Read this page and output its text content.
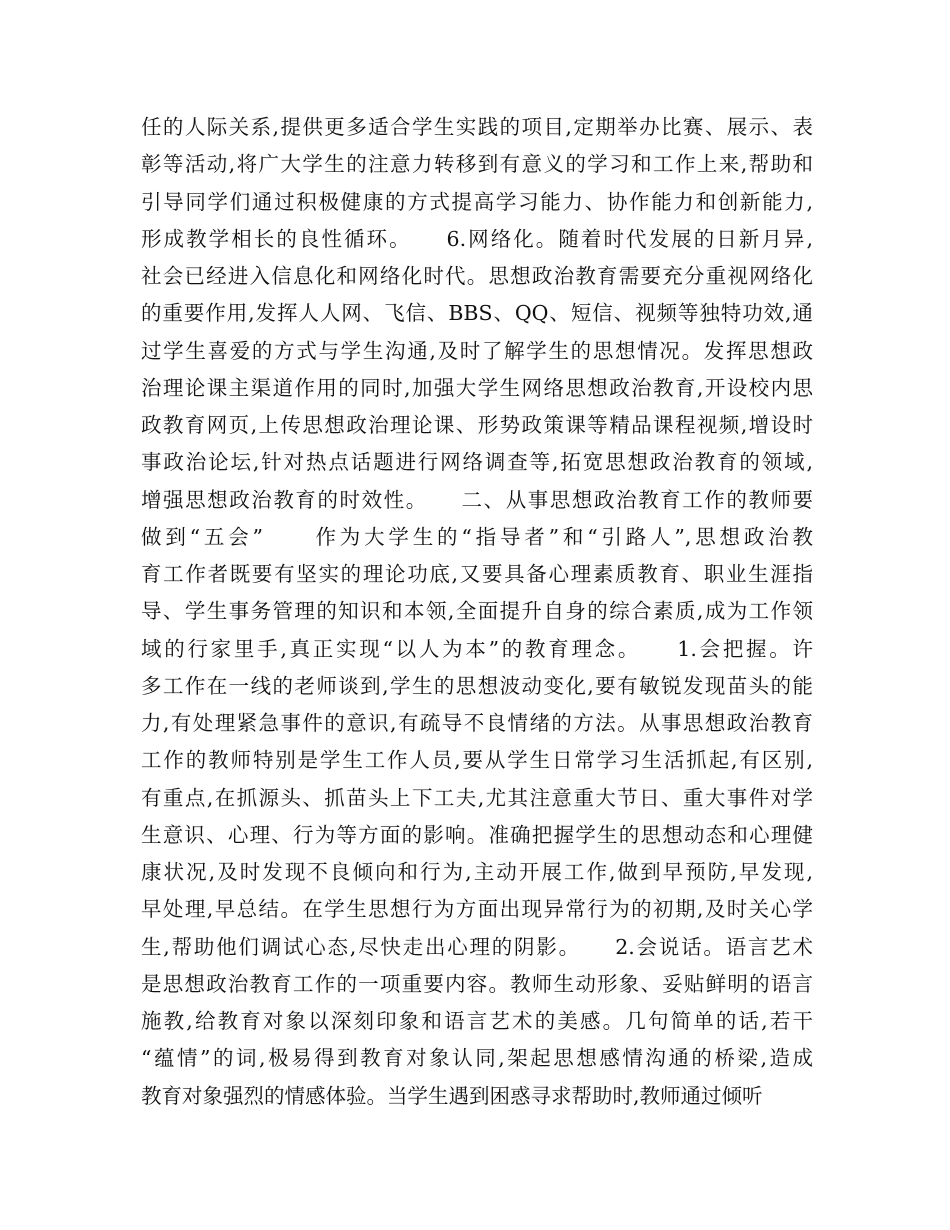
任的人际关系,提供更多适合学生实践的项目,定期举办比赛、展示、表
彰等活动,将广大学生的注意力转移到有意义的学习和工作上来,帮助和
引导同学们通过积极健康的方式提高学习能力、协作能力和创新能力,
形成教学相长的良性循环。　　6.网络化。随着时代发展的日新月异,
社会已经进入信息化和网络化时代。思想政治教育需要充分重视网络化
的重要作用,发挥人人网、飞信、BBS、QQ、短信、视频等独特功效,通
过学生喜爱的方式与学生沟通,及时了解学生的思想情况。发挥思想政
治理论课主渠道作用的同时,加强大学生网络思想政治教育,开设校内思
政教育网页,上传思想政治理论课、形势政策课等精品课程视频,增设时
事政治论坛,针对热点话题进行网络调查等,拓宽思想政治教育的领域,
增强思想政治教育的时效性。　　二、从事思想政治教育工作的教师要
做到“五会”　　作为大学生的“指导者”和“引路人”,思想政治教
育工作者既要有坚实的理论功底,又要具备心理素质教育、职业生涯指
导、学生事务管理的知识和本领,全面提升自身的综合素质,成为工作领
域的行家里手,真正实现“以人为本”的教育理念。　　1.会把握。许
多工作在一线的老师谈到,学生的思想波动变化,要有敏锐发现苗头的能
力,有处理紧急事件的意识,有疏导不良情绪的方法。从事思想政治教育
工作的教师特别是学生工作人员,要从学生日常学习生活抓起,有区别,
有重点,在抓源头、抓苗头上下工夫,尤其注意重大节日、重大事件对学
生意识、心理、行为等方面的影响。准确把握学生的思想动态和心理健
康状况,及时发现不良倾向和行为,主动开展工作,做到早预防,早发现,
早处理,早总结。在学生思想行为方面出现异常行为的初期,及时关心学
生,帮助他们调试心态,尽快走出心理的阴影。　　2.会说话。语言艺术
是思想政治教育工作的一项重要内容。教师生动形象、妥贴鲜明的语言
施教,给教育对象以深刻印象和语言艺术的美感。几句简单的话,若干
“蕴情”的词,极易得到教育对象认同,架起思想感情沟通的桥梁,造成
教育对象强烈的情感体验。当学生遇到困惑寻求帮助时,教师通过倾听
